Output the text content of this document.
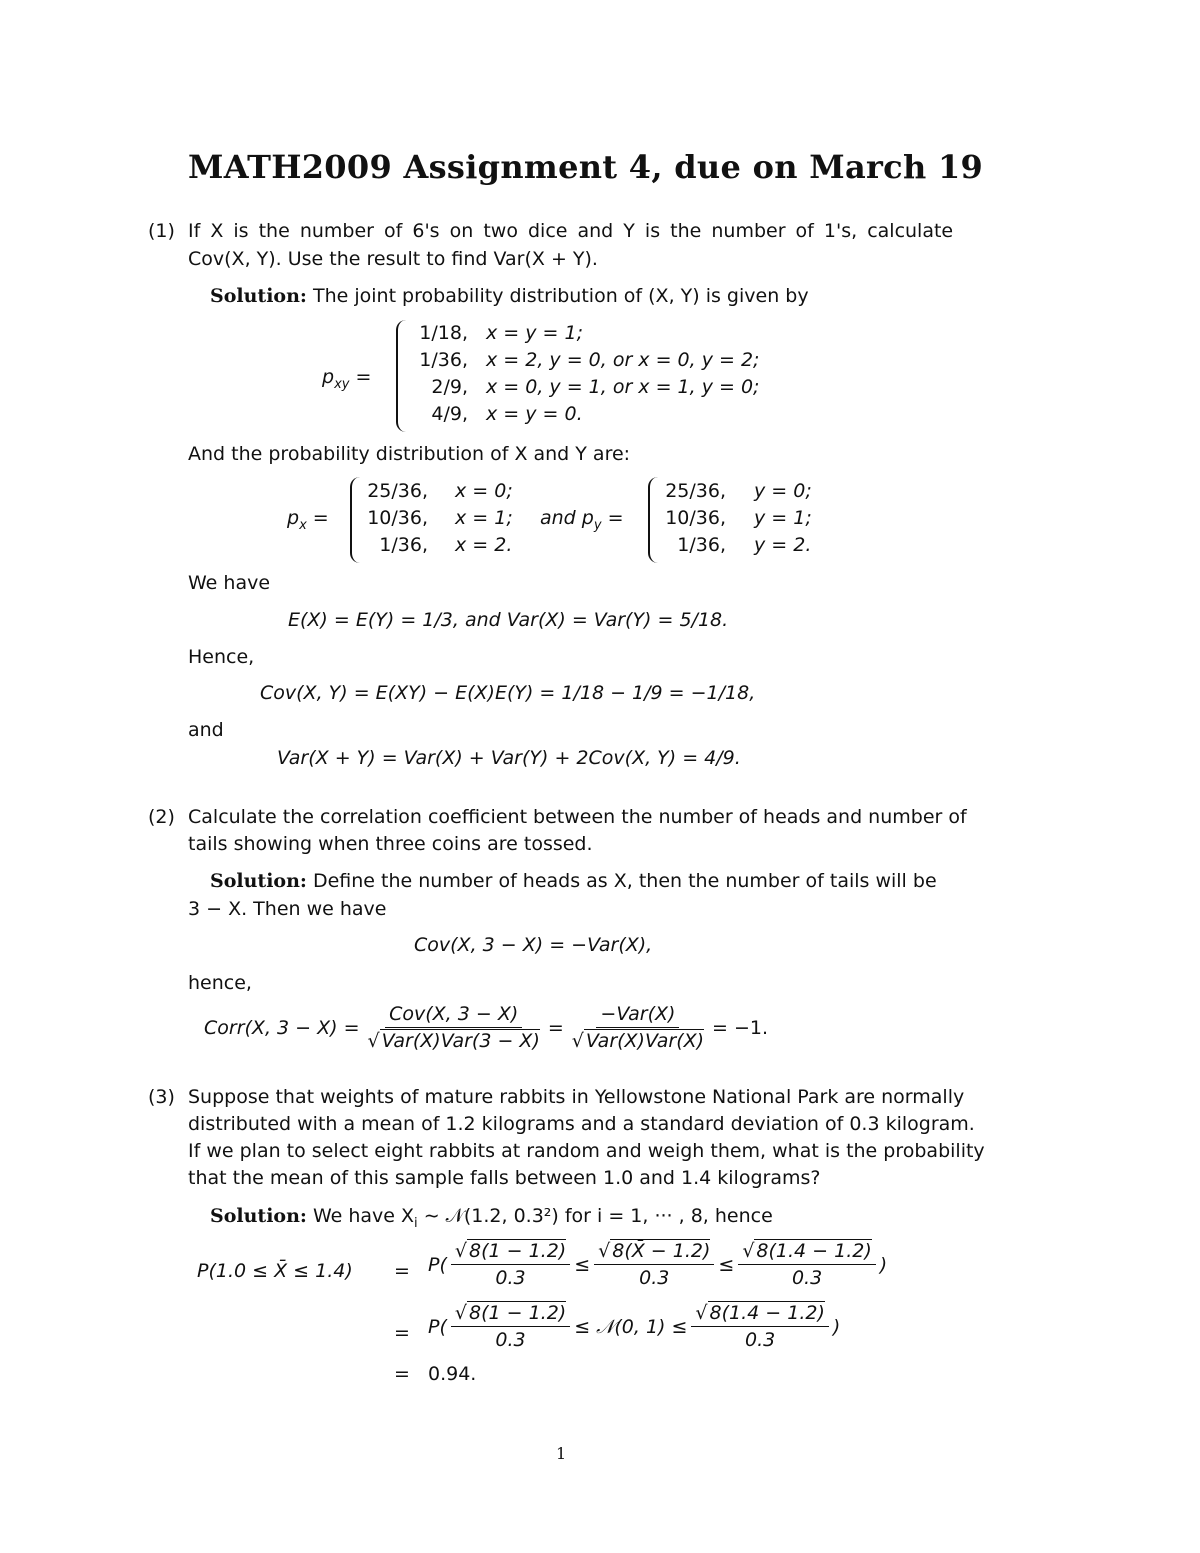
MATH2009 Assignment 4, due on March 19
(1) If X is the number of 6's on two dice and Y is the number of 1's, calculate
Cov(X, Y). Use the result to find Var(X + Y).
Solution: The joint probability distribution of (X, Y) is given by
$p_{xy}$ =
1/18,
1/36,
2/9,
4/9,
x = y = 1;
x = 2, y = 0, or x = 0, y = 2;
x = 0, y = 1, or x = 1, y = 0;
x = y = 0.
And the probability distribution of X and Y are:
$p_x$ =
25/36,
10/36,
1/36,
x = 0;
x = 1;
x = 2.
and $p_y$ =
25/36,
10/36,
1/36,
y = 0;
y = 1;
y = 2.
We have
E(X) = E(Y) = 1/3, and Var(X) = Var(Y) = 5/18.
Hence,
Cov(X, Y) = E(XY) − E(X)E(Y) = 1/18 − 1/9 = −1/18,
and
Var(X + Y) = Var(X) + Var(Y) + 2Cov(X, Y) = 4/9.
(2) Calculate the correlation coefficient between the number of heads and number of
tails showing when three coins are tossed.
Solution: Define the number of heads as X, then the number of tails will be
3 − X. Then we have
Cov(X, 3 − X) = −Var(X),
hence,
Corr(X, $3 - X) = \frac{\text{Cov(X, 3 − X)}}{\text{√ Var(X)Var(3 − X)}} = \frac{\text{−Var(X)}}{\text{√ Var(X)Var(X)}} = -1$.
(3) Suppose that weights of mature rabbits in Yellowstone National Park are normally
distributed with a mean of 1.2 kilograms and a standard deviation of 0.3 kilogram.
If we plan to select eight rabbits at random and weigh them, what is the probability
that the mean of this sample falls between 1.0 and 1.4 kilograms?
Solution: We have $X_i$ ∼ 𝒩(1.2, 0.3²) for i = 1, ··· , 8, hence
P(1.0 ≤ X̄ ≤ $1.4) = P( \frac{√ 8(1 - 1.2)}{0.3} \le \frac{√ 8(X̄ - 1.2)}{0.3} \le \frac{√ 8(1.4 - 1.2)}{0.3}$ )
= $P( \frac{√ 8(1 - 1.2)}{0.3}$ ≤ 𝒩(0, $1) \le \frac{√ 8(1.4 - 1.2)}{0.3}$ )
= 0.94.
1
